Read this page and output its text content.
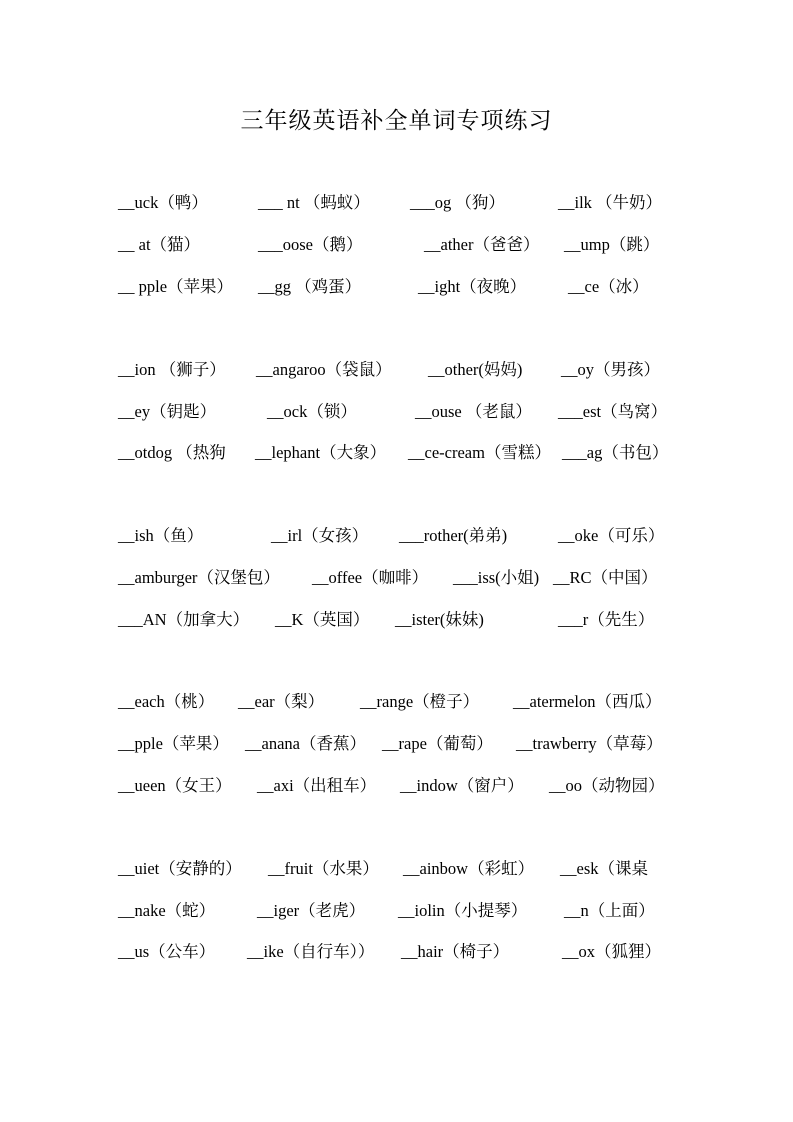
三年级英语补全单词专项练习
__uck（鸭）	___ nt （蚂蚁） ___og （狗）	__ilk （牛奶）
__ at（猫）	___oose（鹅）	__ather（爸爸） __ump（跳）
__ pple（苹果） __gg （鸡蛋）	__ight（夜晚）	__ce（冰）
__ion （狮子） __angaroo（袋鼠） __other(妈妈) __oy（男孩）
__ey（钥匙）	__ock（锁）	__ouse （老鼠） ___est（鸟窝）
__otdog （热狗 __lephant（大象） __ce-cream（雪糕） ___ag（书包）
__ish（鱼）	__irl（女孩） ___rother(弟弟)	__oke（可乐）
__amburger（汉堡包） __offee（咖啡） ___iss(小姐) __RC（中国）
___AN（加拿大） __K（英国） __ister(妹妹)	___r（先生）
__each（桃） __ear（梨） __range（橙子） __atermelon（西瓜）
__pple（苹果） __anana（香蕉） __rape（葡萄） __trawberry（草莓）
__ueen（女王） __axi（出租车） __indow（窗户） __oo（动物园）
__uiet（安静的） __fruit（水果） __ainbow（彩虹） __esk（课桌
__nake（蛇）	__iger（老虎） __iolin（小提琴） __n（上面）
__us（公车） __ike（自行车）） __hair（椅子）	__ox（狐狸）
